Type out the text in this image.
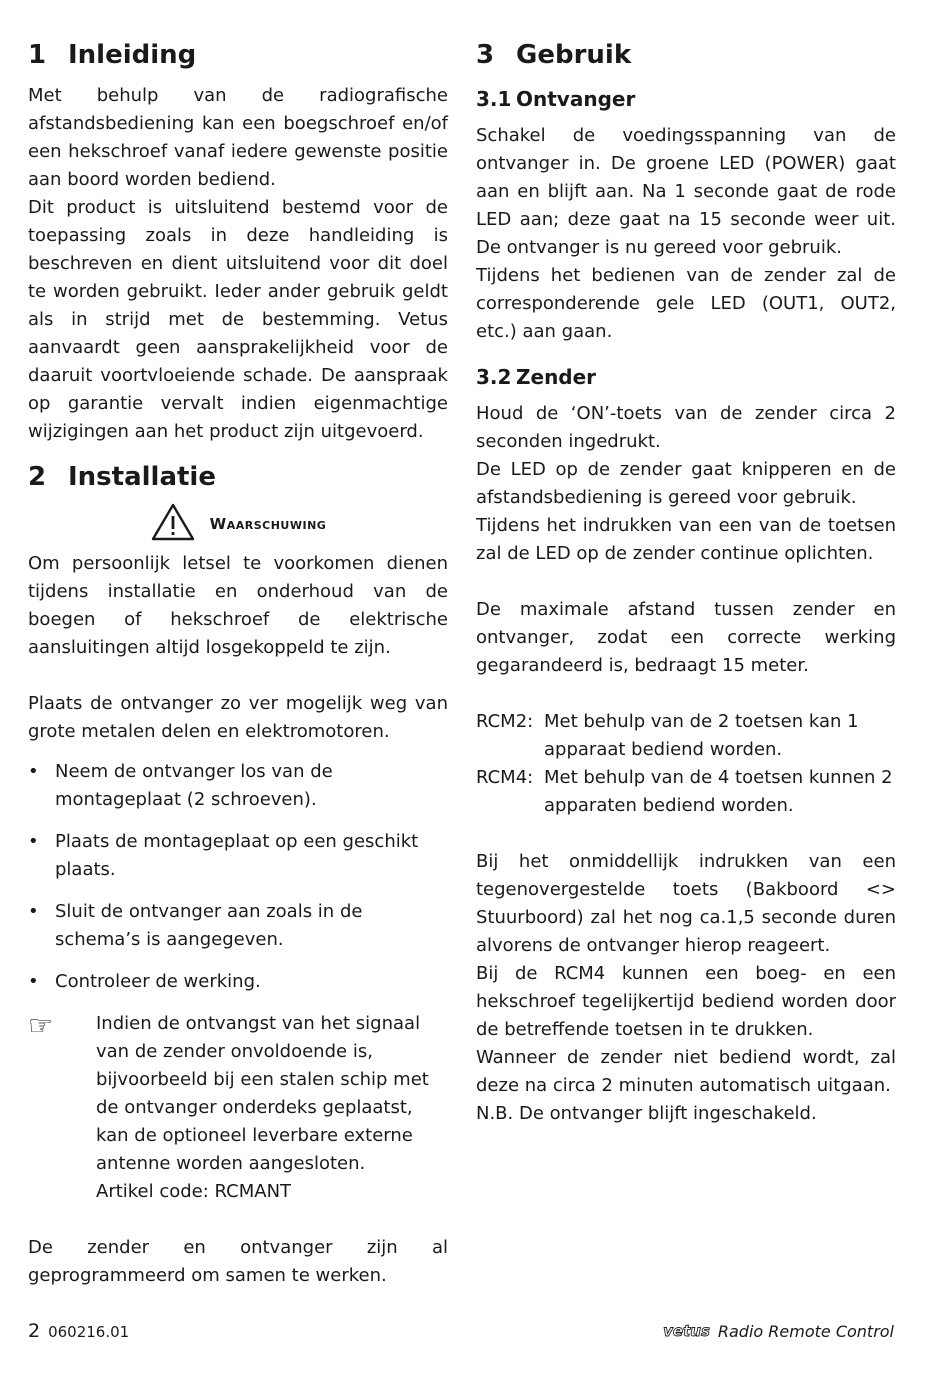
1 Inleiding

Met behulp van de radiografische afstandsbediening kan een boegschroef en/of een hekschroef vanaf iedere gewenste positie aan boord worden bediend.

Dit product is uitsluitend bestemd voor de toepassing zoals in deze handleiding is beschreven en dient uitsluitend voor dit doel te worden gebruikt. Ieder ander gebruik geldt als in strijd met de bestemming. Vetus aanvaardt geen aansprakelijkheid voor de daaruit voortvloeiende schade. De aanspraak op garantie vervalt indien eigenmachtige wijzigingen aan het product zijn uitgevoerd.

2 Installatie
Waarschuwing

Om persoonlijk letsel te voorkomen dienen tijdens installatie en onderhoud van de boegen of hekschroef de elektrische aansluitingen altijd losgekoppeld te zijn.

Plaats de ontvanger zo ver mogelijk weg van grote metalen delen en elektromotoren.

• Neem de ontvanger los van de montageplaat (2 schroeven).
• Plaats de montageplaat op een geschikt plaats.
• Sluit de ontvanger aan zoals in de schema’s is aangegeven.
• Controleer de werking.
☞	Indien de ontvangst van het signaal van de zender onvoldoende is, bijvoorbeeld bij een stalen schip met de ontvanger onderdeks geplaatst, kan de optioneel leverbare externe antenne worden aangesloten.

Artikel code: RCMANT

De zender en ontvanger zijn al geprogrammeerd om samen te werken.

3 Gebruik
3.1 Ontvanger

Schakel de voedingsspanning van de ontvanger in. De groene LED (POWER) gaat aan en blijft aan. Na 1 seconde gaat de rode LED aan; deze gaat na 15 seconde weer uit. De ontvanger is nu gereed voor gebruik.

Tijdens het bedienen van de zender zal de corresponderende gele LED (OUT1, OUT2, etc.) aan gaan.

3.2 Zender

Houd de ‘ON’-toets van de zender circa 2 seconden ingedrukt.

De LED op de zender gaat knipperen en de afstandsbediening is gereed voor gebruik.

Tijdens het indrukken van een van de toetsen zal de LED op de zender continue oplichten.

De maximale afstand tussen zender en ontvanger, zodat een correcte werking gegarandeerd is, bedraagt 15 meter.

RCM2: Met behulp van de 2 toetsen kan 1 apparaat bediend worden.
RCM4: Met behulp van de 4 toetsen kunnen 2 apparaten bediend worden.

Bij het onmiddellijk indrukken van een tegenovergestelde toets (Bakboord <> Stuurboord) zal het nog ca.1,5 seconde duren alvorens de ontvanger hierop reageert.

Bij de RCM4 kunnen een boeg- en een hekschroef tegelijkertijd bediend worden door de betreffende toetsen in te drukken.

Wanneer de zender niet bediend wordt, zal deze na circa 2 minuten automatisch uitgaan.

N.B. De ontvanger blijft ingeschakeld.

2 060216.01	vetus Radio Remote Control
